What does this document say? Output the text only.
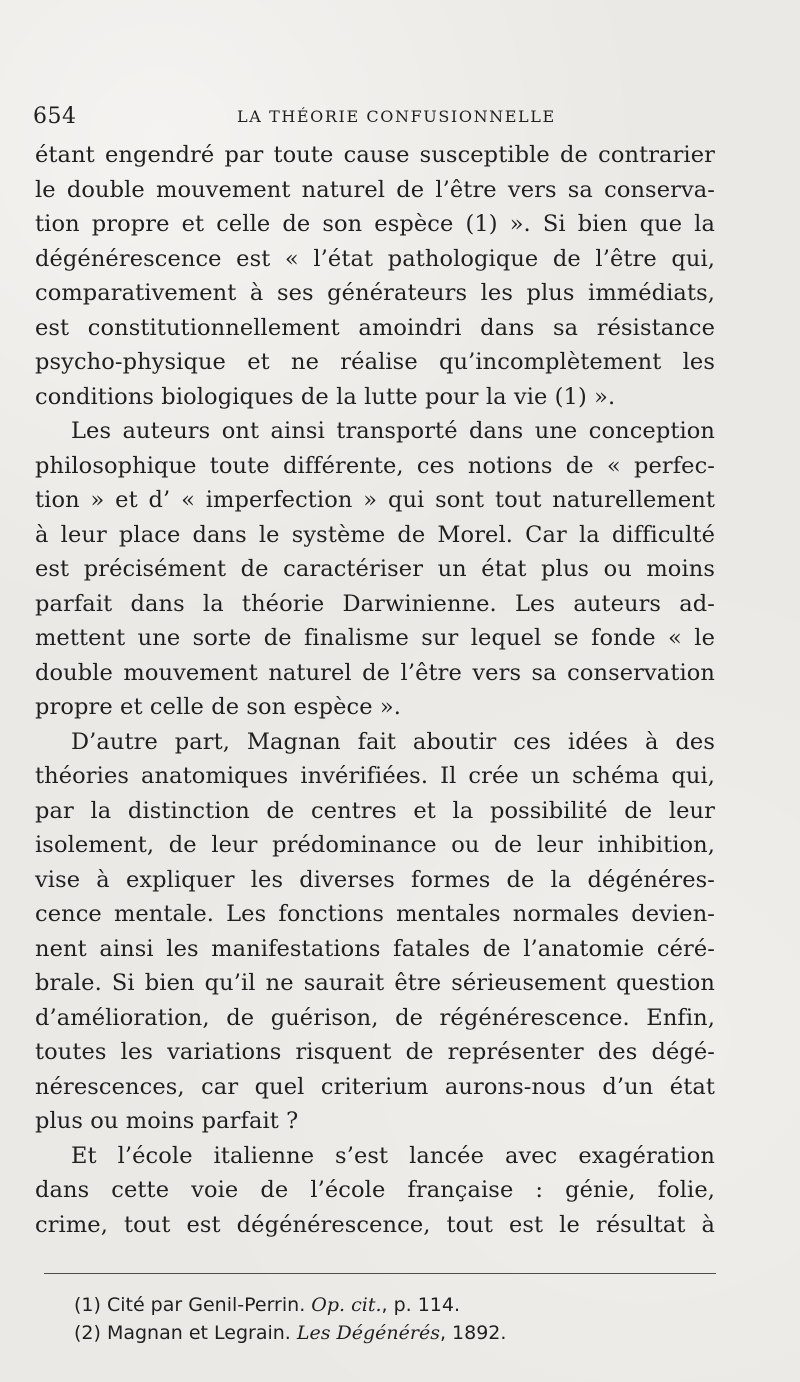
654	LA THÉORIE CONFUSIONNELLE
étant engendré par toute cause susceptible de contrarier
le double mouvement naturel de l’être vers sa conserva-
tion propre et celle de son espèce (1) ». Si bien que la
dégénérescence est « l’état pathologique de l’être qui,
comparativement à ses générateurs les plus immédiats,
est constitutionnellement amoindri dans sa résistance
psycho-physique et ne réalise qu’incomplètement les
conditions biologiques de la lutte pour la vie (1) ».
Les auteurs ont ainsi transporté dans une conception
philosophique toute différente, ces notions de « perfec-
tion » et d’ « imperfection » qui sont tout naturellement
à leur place dans le système de Morel. Car la difficulté
est précisément de caractériser un état plus ou moins
parfait dans la théorie Darwinienne. Les auteurs ad-
mettent une sorte de finalisme sur lequel se fonde « le
double mouvement naturel de l’être vers sa conservation
propre et celle de son espèce ».
D’autre part, Magnan fait aboutir ces idées à des
théories anatomiques invérifiées. Il crée un schéma qui,
par la distinction de centres et la possibilité de leur
isolement, de leur prédominance ou de leur inhibition,
vise à expliquer les diverses formes de la dégénéres-
cence mentale. Les fonctions mentales normales devien-
nent ainsi les manifestations fatales de l’anatomie céré-
brale. Si bien qu’il ne saurait être sérieusement question
d’amélioration, de guérison, de régénérescence. Enfin,
toutes les variations risquent de représenter des dégé-
nérescences, car quel criterium aurons-nous d’un état
plus ou moins parfait ?
Et l’école italienne s’est lancée avec exagération
dans cette voie de l’école française : génie, folie,
crime, tout est dégénérescence, tout est le résultat à
(1) Cité par Genil-Perrin. Op. cit., p. 114.
(2) Magnan et Legrain. Les Dégénérés, 1892.
